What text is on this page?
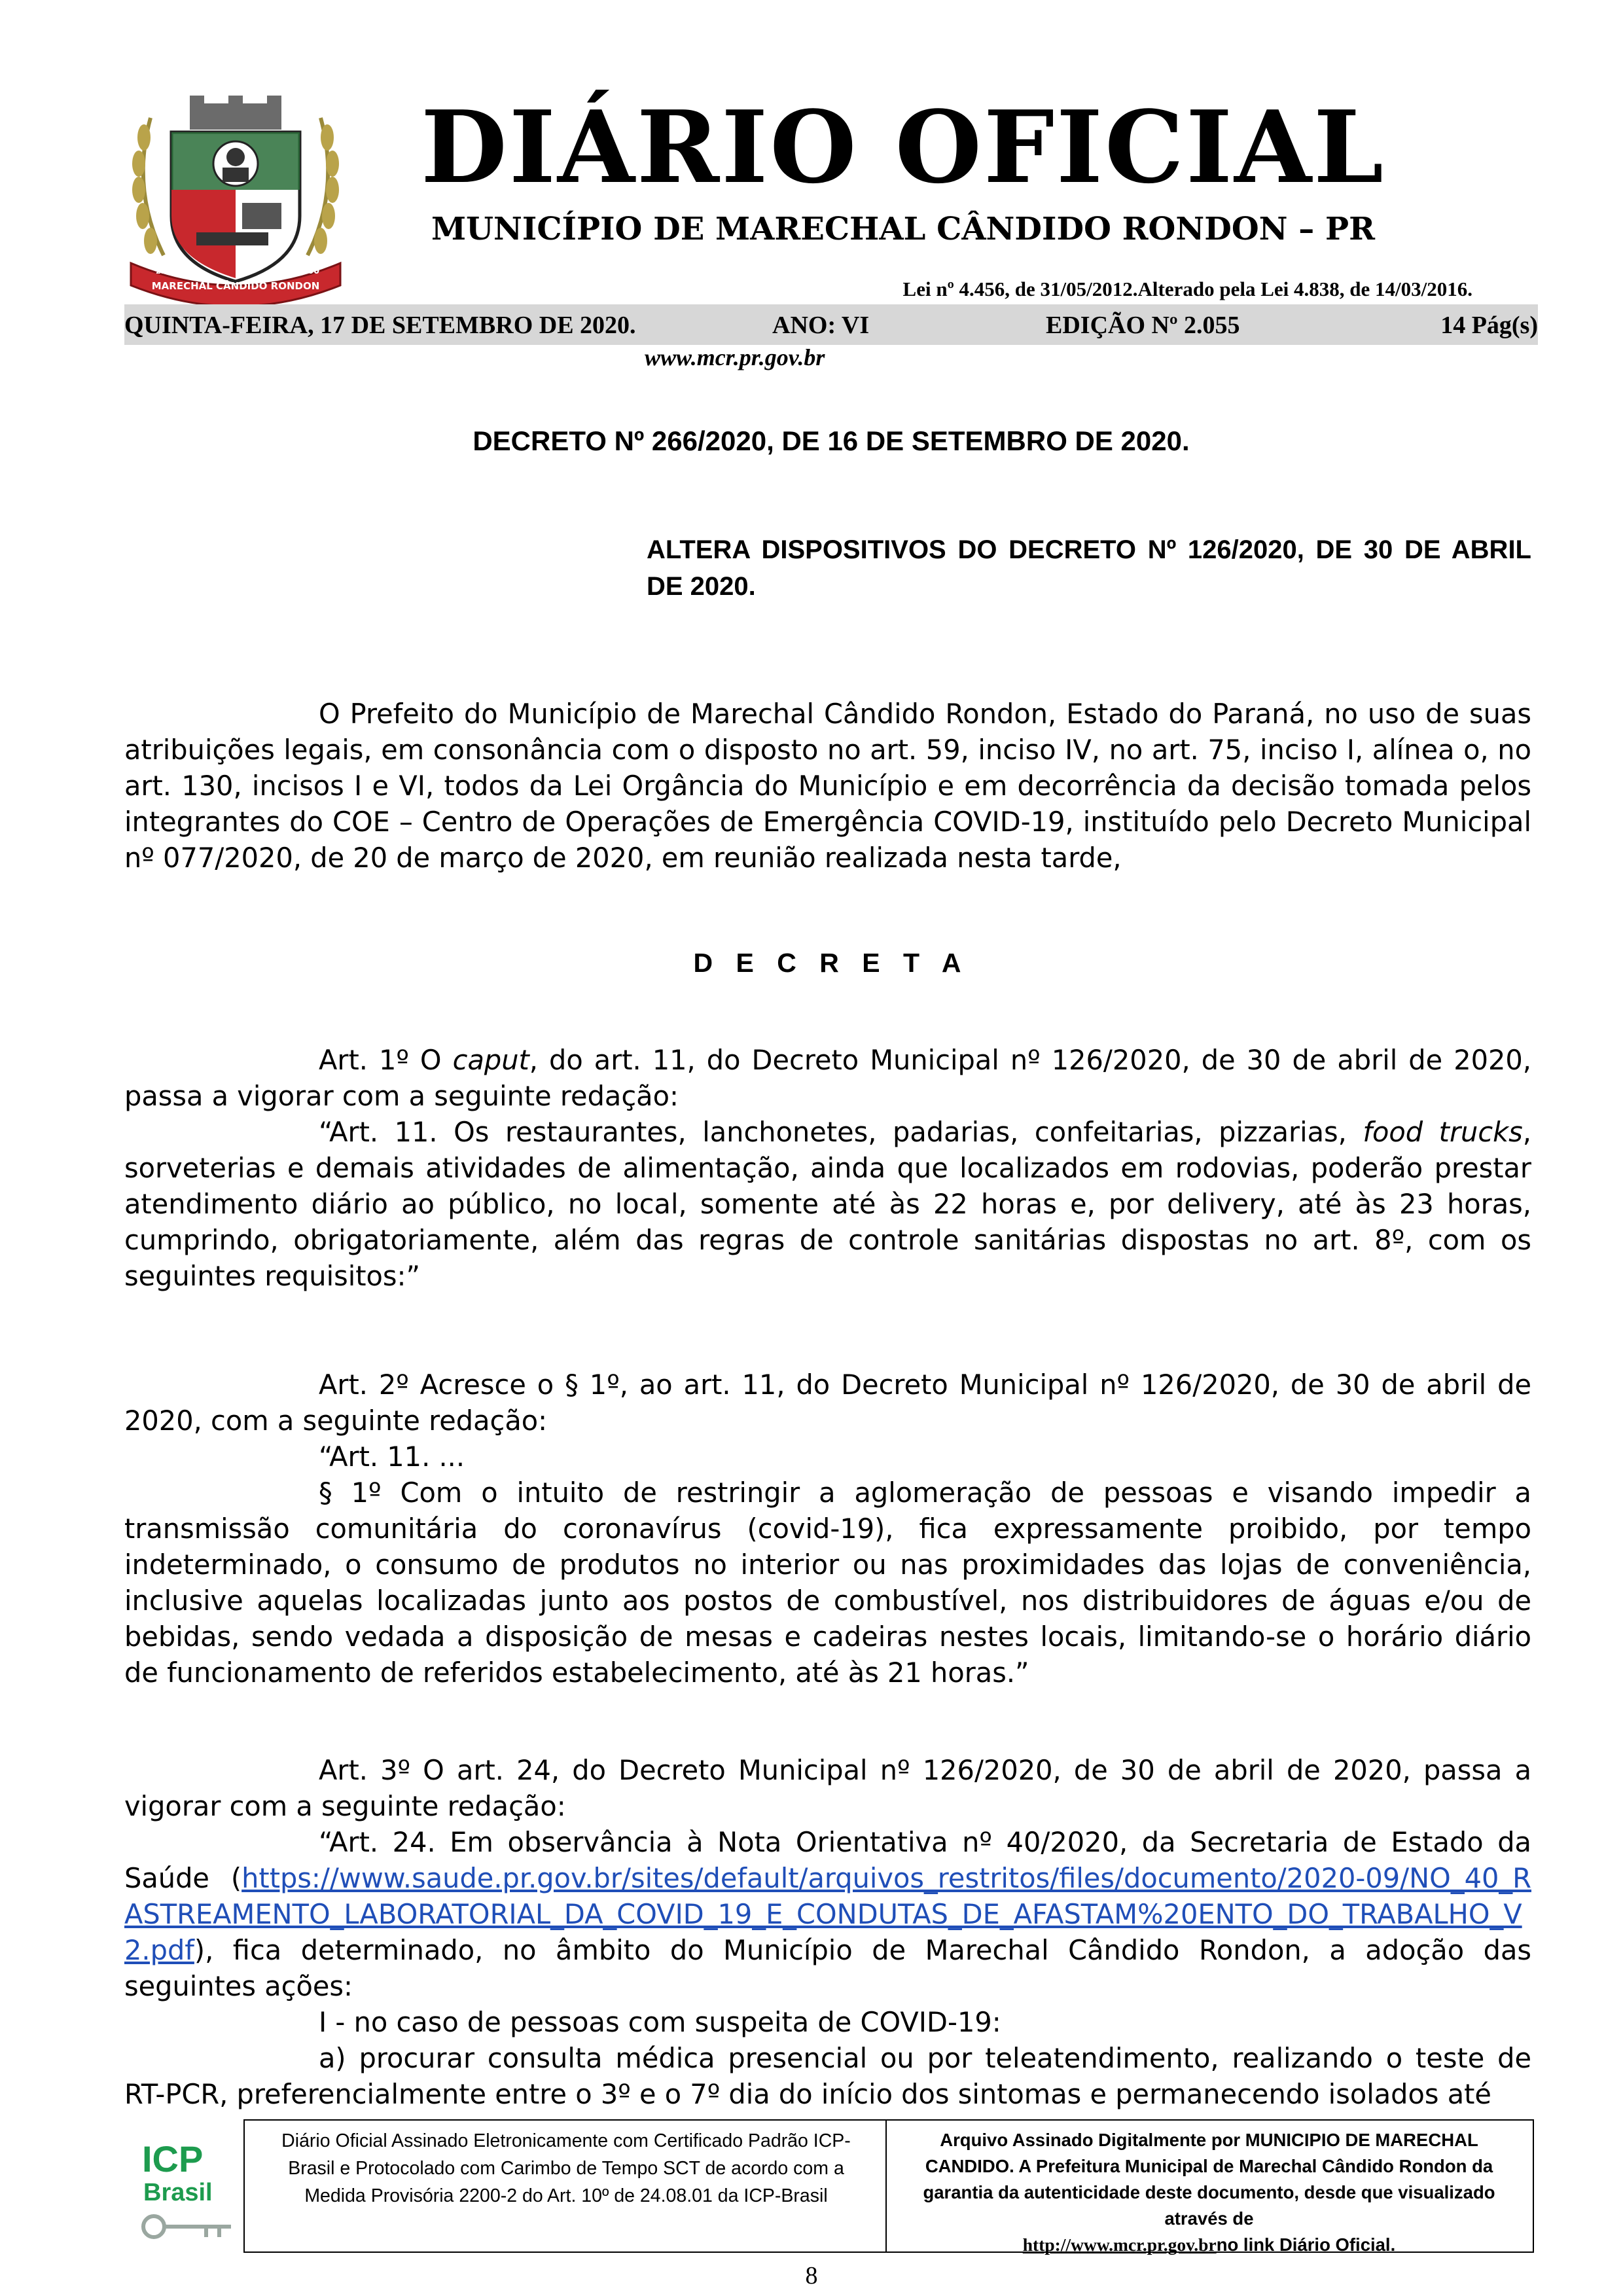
MARECHAL CÂNDIDO RONDON
25 JULHO	1960
DIÁRIO OFICIAL
MUNICÍPIO DE MARECHAL CÂNDIDO RONDON – PR
Lei nº 4.456, de 31/05/2012.Alterado pela Lei 4.838, de 14/03/2016.
QUINTA-FEIRA, 17 DE SETEMBRO DE 2020.	ANO: VI	EDIÇÃO Nº 2.055	14 Pág(s)
www.mcr.pr.gov.br
DECRETO Nº 266/2020, DE 16 DE SETEMBRO DE 2020.
ALTERA DISPOSITIVOS DO DECRETO Nº 126/2020, DE 30 DE ABRIL DE 2020.

O Prefeito do Município de Marechal Cândido Rondon, Estado do Paraná, no uso de suas atribuições legais, em consonância com o disposto no art. 59, inciso IV, no art. 75, inciso I, alínea o, no art. 130, incisos I e VI, todos da Lei Orgância do Município e em decorrência da decisão tomada pelos integrantes do COE – Centro de Operações de Emergência COVID-19, instituído pelo Decreto Municipal nº 077/2020, de 20 de março de 2020, em reunião realizada nesta tarde,

D E C R E T A

Art. 1º O caput, do art. 11, do Decreto Municipal nº 126/2020, de 30 de abril de 2020, passa a vigorar com a seguinte redação:

“Art. 11. Os restaurantes, lanchonetes, padarias, confeitarias, pizzarias, food trucks, sorveterias e demais atividades de alimentação, ainda que localizados em rodovias, poderão prestar atendimento diário ao público, no local, somente até às 22 horas e, por delivery, até às 23 horas, cumprindo, obrigatoriamente, além das regras de controle sanitárias dispostas no art. 8º, com os seguintes requisitos:”

Art. 2º Acresce o § 1º, ao art. 11, do Decreto Municipal nº 126/2020, de 30 de abril de 2020, com a seguinte redação:

“Art. 11. ...

§ 1º Com o intuito de restringir a aglomeração de pessoas e visando impedir a transmissão comunitária do coronavírus (covid-19), fica expressamente proibido, por tempo indeterminado, o consumo de produtos no interior ou nas proximidades das lojas de conveniência, inclusive aquelas localizadas junto aos postos de combustível, nos distribuidores de águas e/ou de bebidas, sendo vedada a disposição de mesas e cadeiras nestes locais, limitando-se o horário diário de funcionamento de referidos estabelecimento, até às 21 horas.”

Art. 3º O art. 24, do Decreto Municipal nº 126/2020, de 30 de abril de 2020, passa a vigorar com a seguinte redação:

“Art. 24. Em observância à Nota Orientativa nº 40/2020, da Secretaria de Estado da Saúde (https://www.saude.pr.gov.br/sites/default/arquivos_restritos/files/documento/2020-09/NO_40_RASTREAMENTO_LABORATORIAL_DA_COVID_19_E_CONDUTAS_DE_AFASTAM%20ENTO_DO_TRABALHO_V2.pdf), fica determinado, no âmbito do Município de Marechal Cândido Rondon, a adoção das seguintes ações:

I - no caso de pessoas com suspeita de COVID-19:

a) procurar consulta médica presencial ou por teleatendimento, realizando o teste de RT-PCR, preferencialmente entre o 3º e o 7º dia do início dos sintomas e permanecendo isolados até

ICP
Brasil
Diário Oficial Assinado Eletronicamente com Certificado Padrão ICP-Brasil e Protocolado com Carimbo de Tempo SCT de acordo com a Medida Provisória 2200-2 do Art. 10º de 24.08.01 da ICP-Brasil
Arquivo Assinado Digitalmente por MUNICIPIO DE MARECHAL CANDIDO. A Prefeitura Municipal de Marechal Cândido Rondon da garantia da autenticidade deste documento, desde que visualizado através de
http://www.mcr.pr.gov.brno link Diário Oficial.
8
